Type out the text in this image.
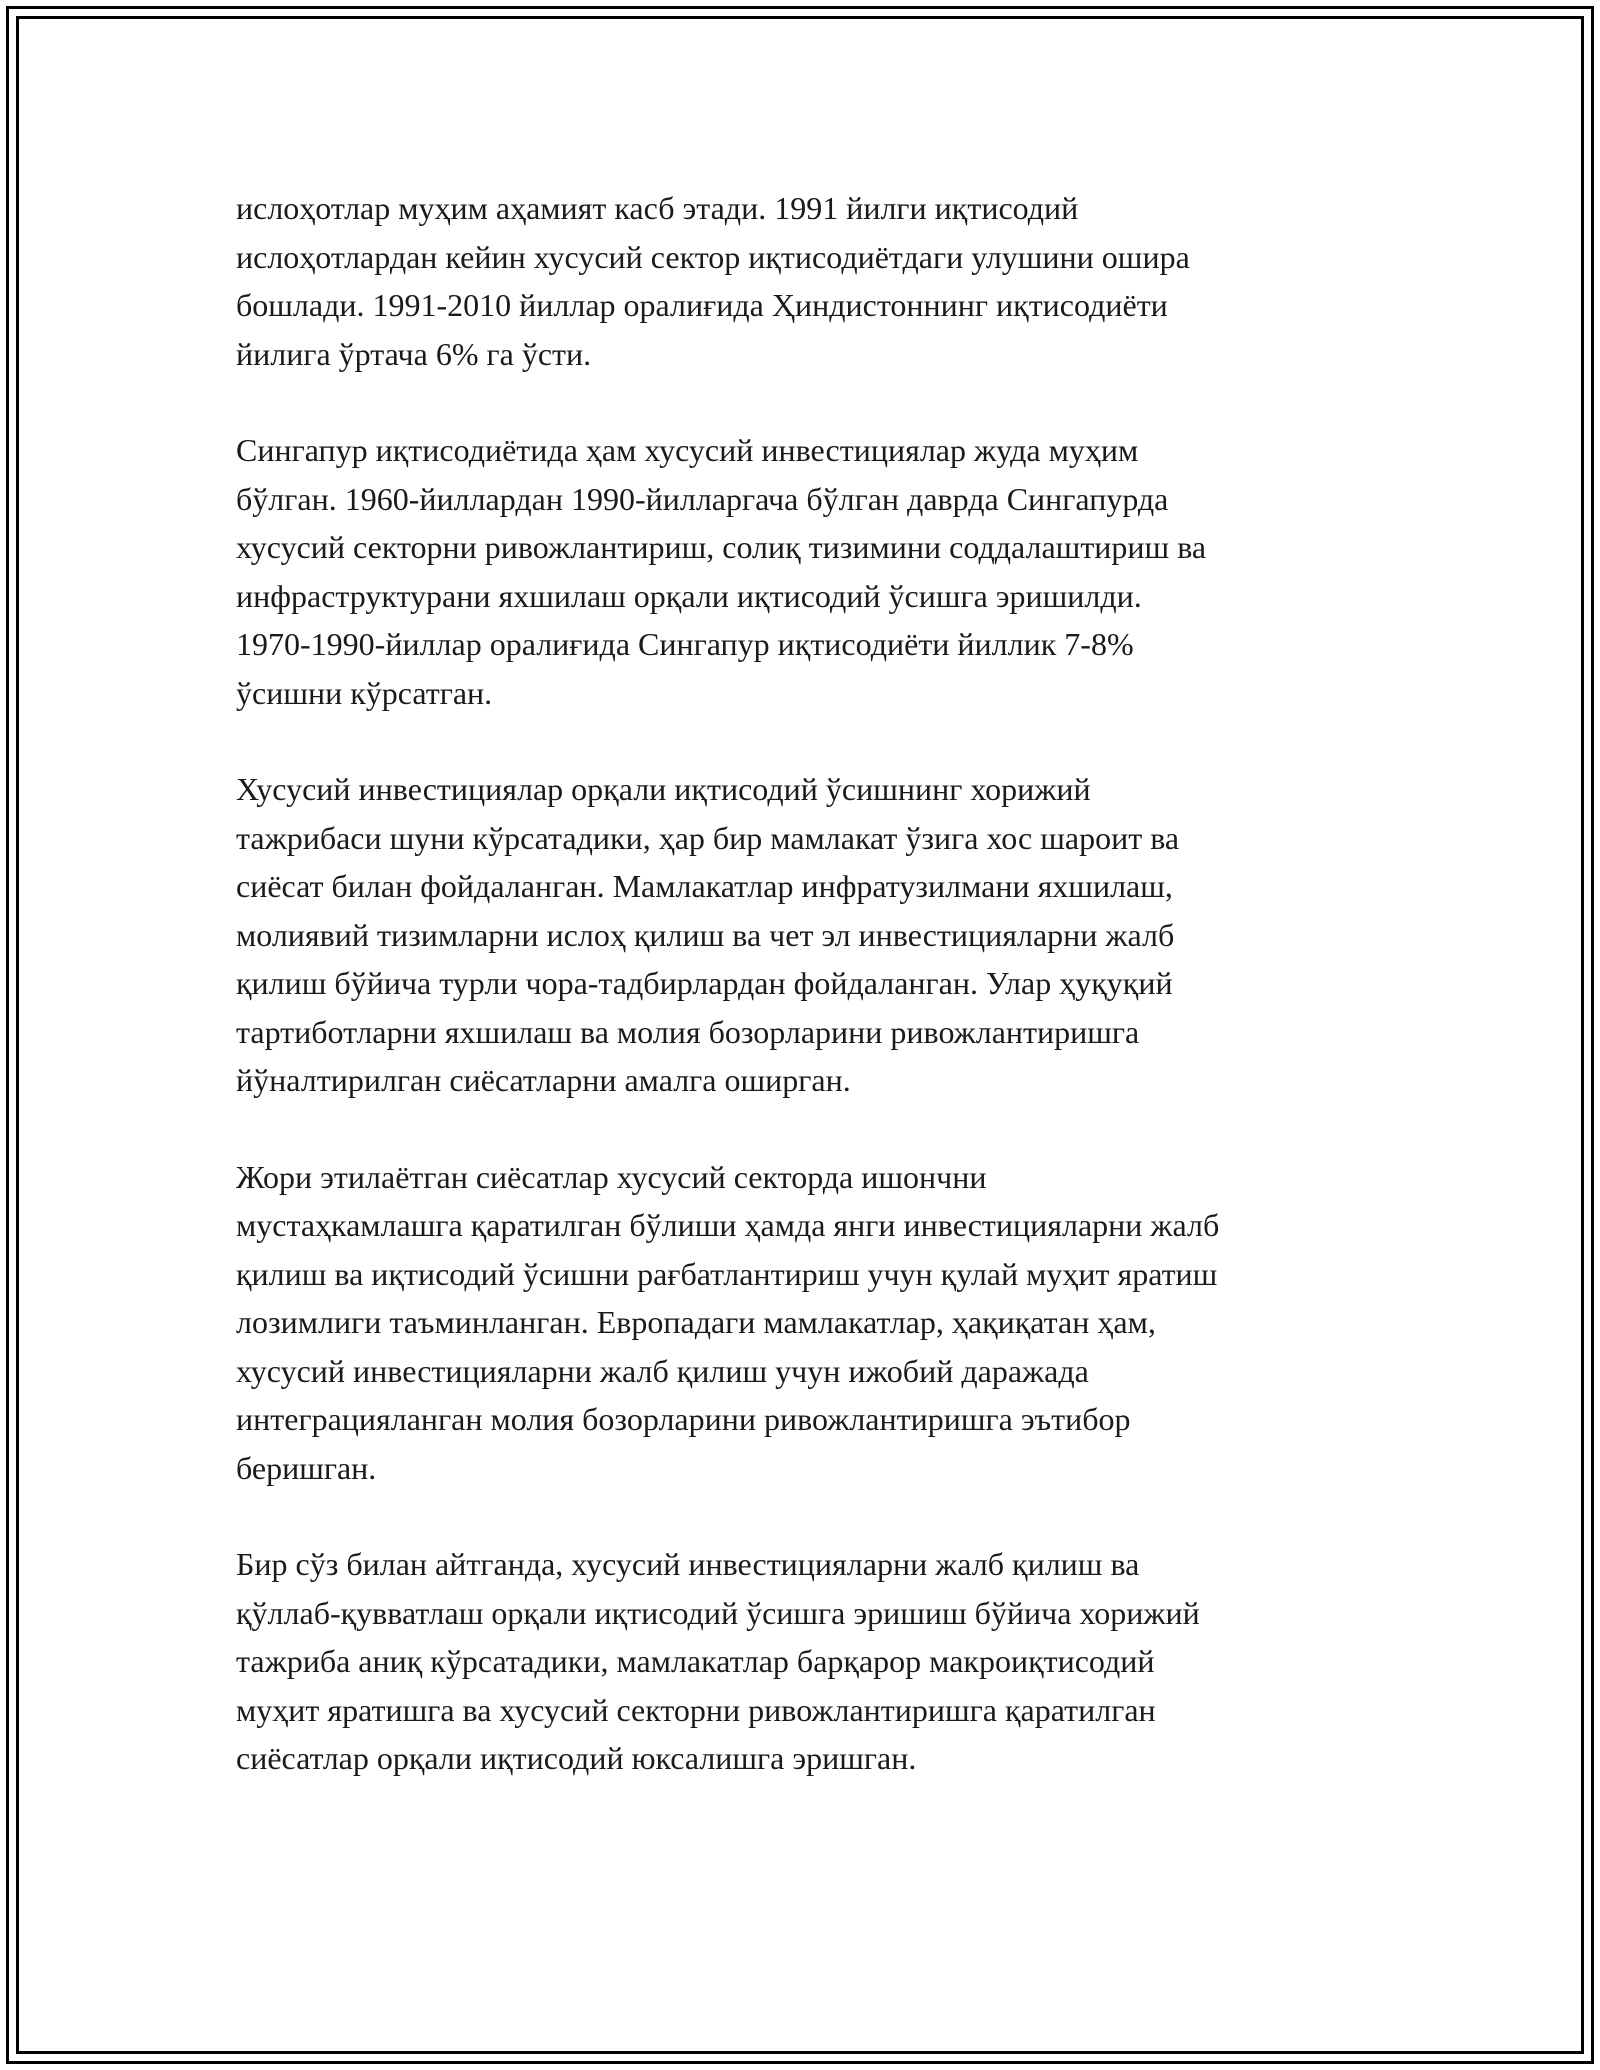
ислоҳотлар муҳим аҳамият касб этади. 1991 йилги иқтисодий
ислоҳотлардан кейин хусусий сектор иқтисодиётдаги улушини ошира
бошлади. 1991-2010 йиллар оралиғида Ҳиндистоннинг иқтисодиёти
йилига ўртача 6% га ўсти.

Сингапур иқтисодиётида ҳам хусусий инвестициялар жуда муҳим
бўлган. 1960-йиллардан 1990-йилларгача бўлган даврда Сингапурда
хусусий секторни ривожлантириш, солиқ тизимини соддалаштириш ва
инфраструктурани яхшилаш орқали иқтисодий ўсишга эришилди.
1970-1990-йиллар оралиғида Сингапур иқтисодиёти йиллик 7-8%
ўсишни кўрсатган.

Хусусий инвестициялар орқали иқтисодий ўсишнинг хорижий
тажрибаси шуни кўрсатадики, ҳар бир мамлакат ўзига хос шароит ва
сиёсат билан фойдаланган. Мамлакатлар инфратузилмани яхшилаш,
молиявий тизимларни ислоҳ қилиш ва чет эл инвестицияларни жалб
қилиш бўйича турли чора-тадбирлардан фойдаланган. Улар ҳуқуқий
тартиботларни яхшилаш ва молия бозорларини ривожлантиришга
йўналтирилган сиёсатларни амалга оширган.

Жори этилаётган сиёсатлар хусусий секторда ишончни
мустаҳкамлашга қаратилган бўлиши ҳамда янги инвестицияларни жалб
қилиш ва иқтисодий ўсишни рағбатлантириш учун қулай муҳит яратиш
лозимлиги таъминланган. Европадаги мамлакатлар, ҳақиқатан ҳам,
хусусий инвестицияларни жалб қилиш учун ижобий даражада
интеграцияланган молия бозорларини ривожлантиришга эътибор
беришган.

Бир сўз билан айтганда, хусусий инвестицияларни жалб қилиш ва
қўллаб-қувватлаш орқали иқтисодий ўсишга эришиш бўйича хорижий
тажриба аниқ кўрсатадики, мамлакатлар барқарор макроиқтисодий
муҳит яратишга ва хусусий секторни ривожлантиришга қаратилган
сиёсатлар орқали иқтисодий юксалишга эришган.
